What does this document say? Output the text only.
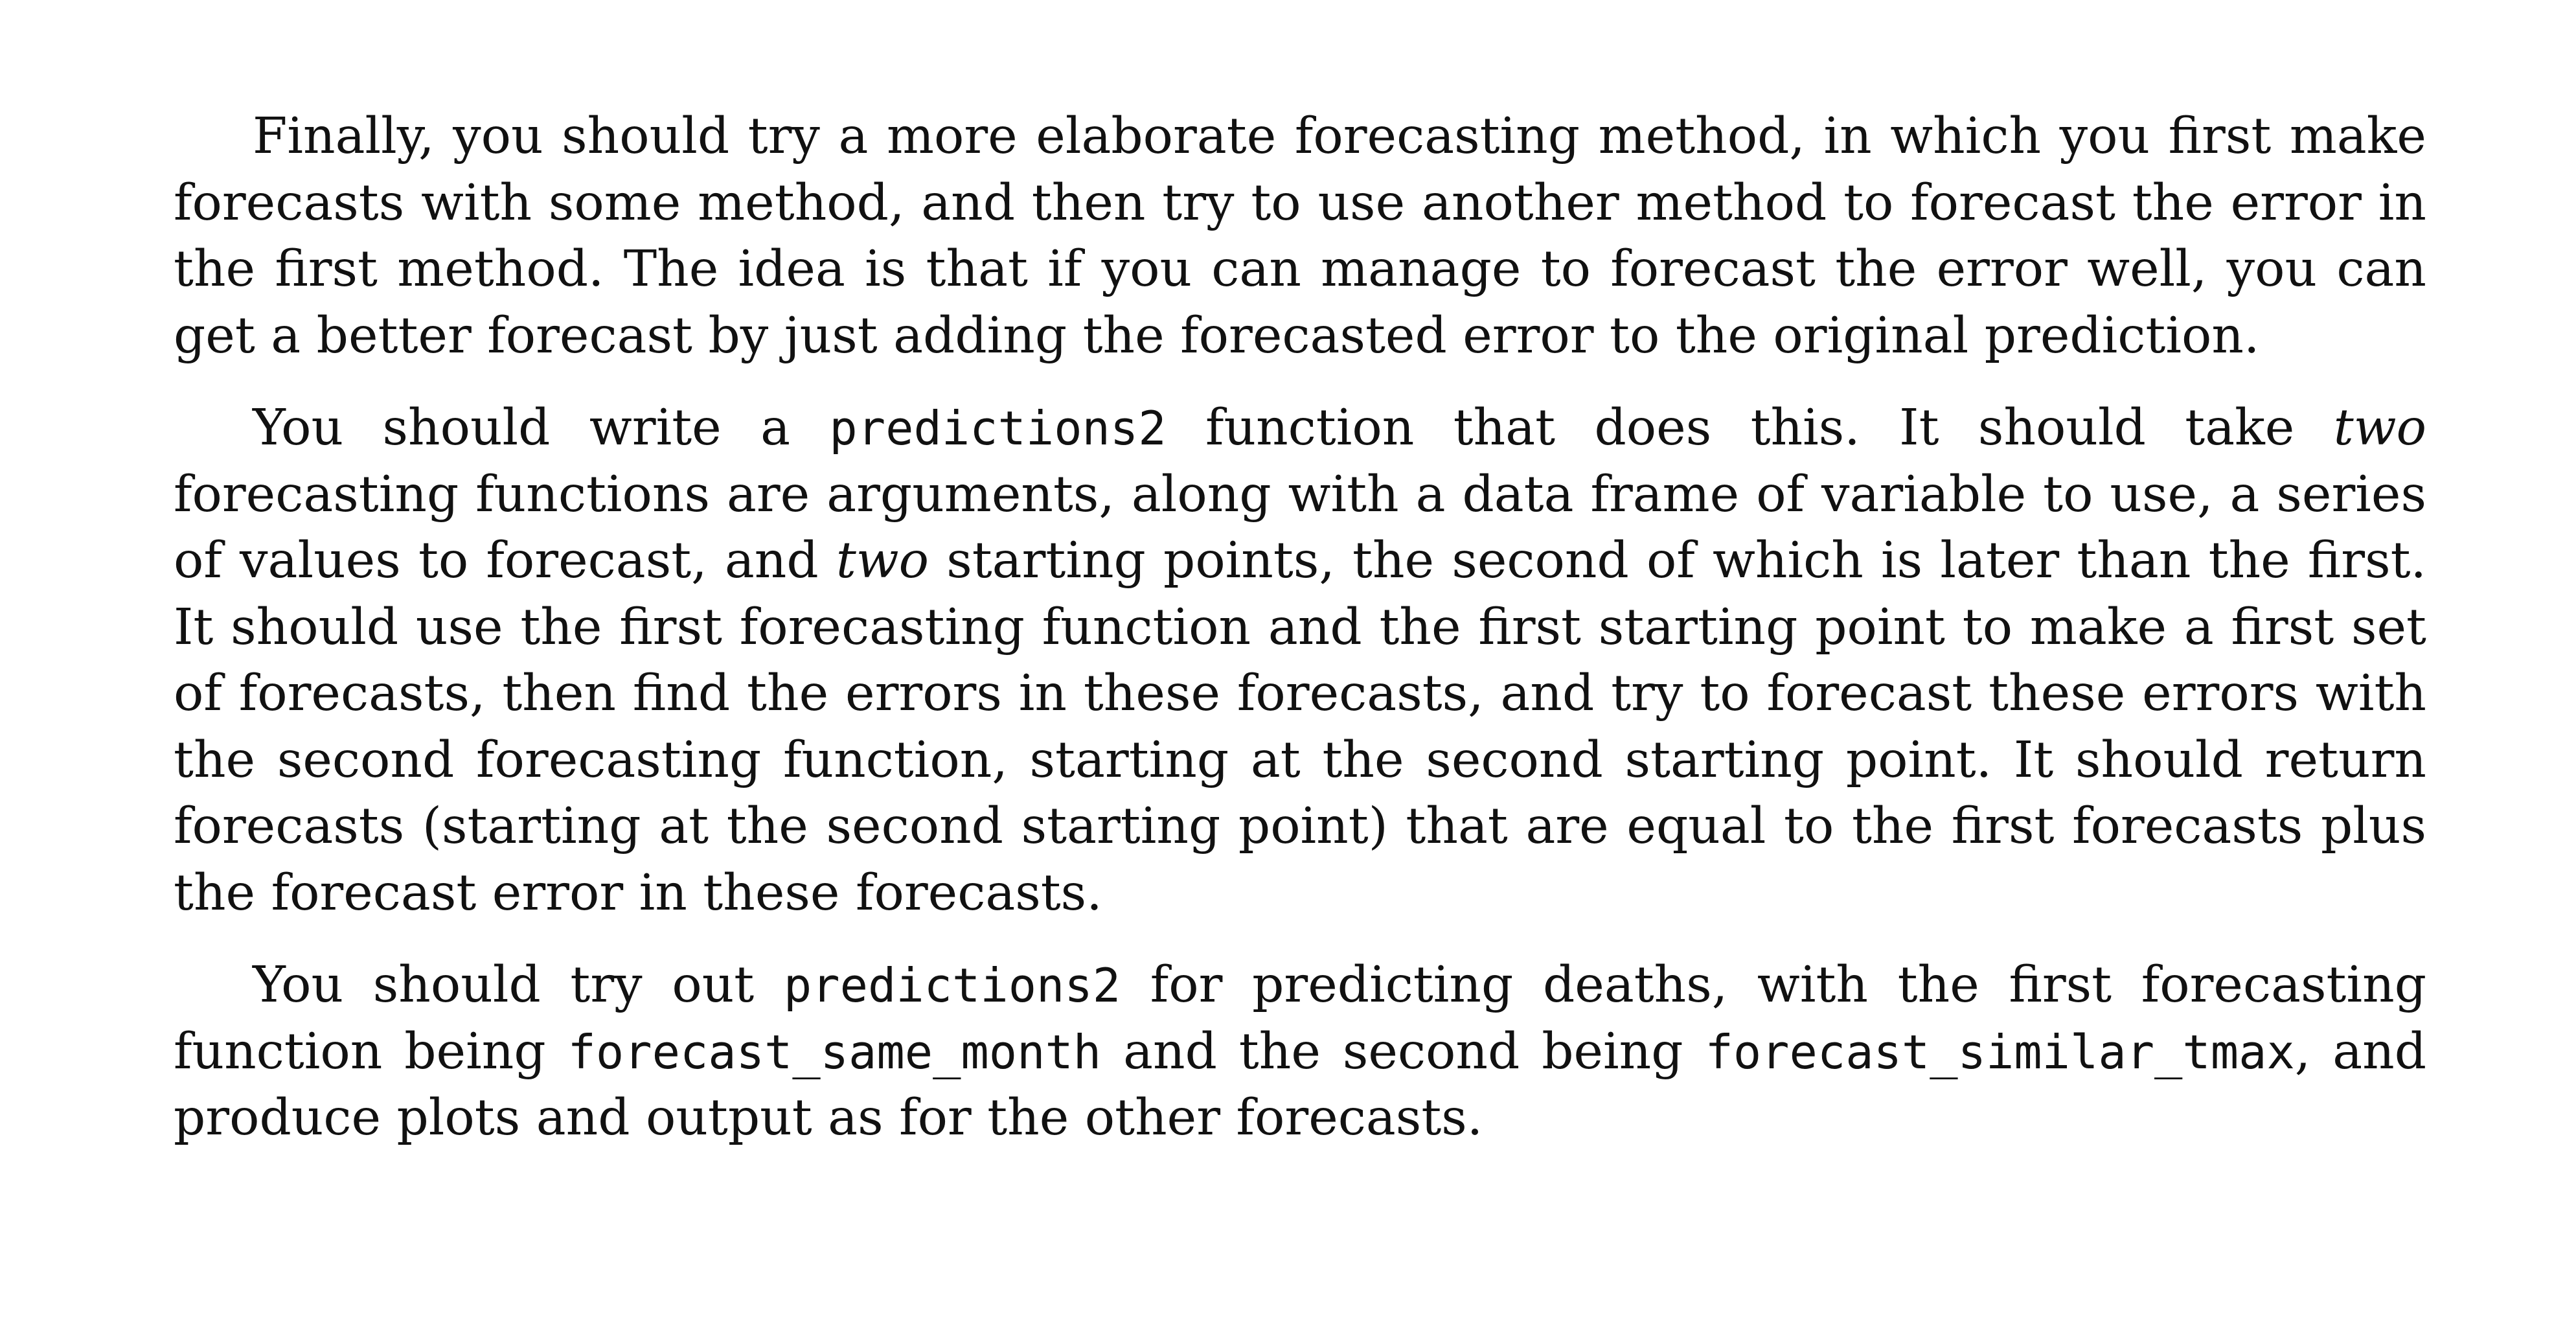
Finally, you should try a more elaborate forecasting method, in which you first make forecasts with some method, and then try to use another method to forecast the error in the first method. The idea is that if you can manage to forecast the error well, you can get a better forecast by just adding the forecasted error to the original prediction.

You should write a predictions2 function that does this. It should take two forecasting functions are arguments, along with a data frame of variable to use, a series of values to forecast, and two starting points, the second of which is later than the first. It should use the first forecasting function and the first starting point to make a first set of forecasts, then find the errors in these forecasts, and try to forecast these errors with the second forecasting function, starting at the second starting point. It should return forecasts (starting at the second starting point) that are equal to the first forecasts plus the forecast error in these forecasts.

You should try out predictions2 for predicting deaths, with the first forecasting function being forecast_same_month and the second being forecast_similar_tmax, and produce plots and output as for the other forecasts.
